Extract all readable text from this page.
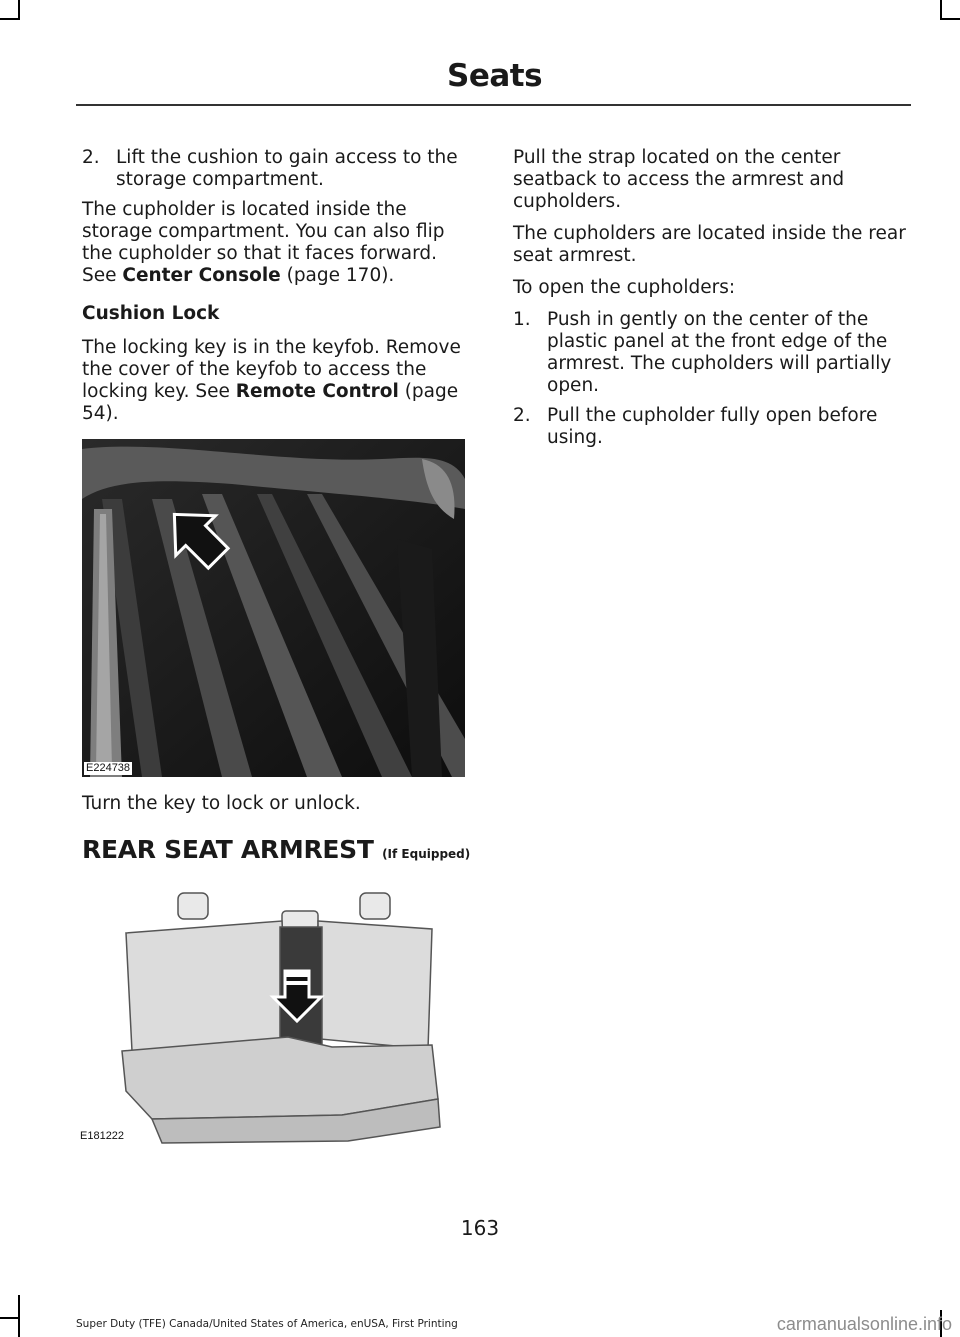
Seats
2. Lift the cushion to gain access to the storage compartment.

The cupholder is located inside the storage compartment. You can also flip the cupholder so that it faces forward. See Center Console (page 170).

Cushion Lock

The locking key is in the keyfob. Remove the cover of the keyfob to access the locking key. See Remote Control (page 54).

E224738

Turn the key to lock or unlock.

REAR SEAT ARMREST (If Equipped)
E181222

Pull the strap located on the center seatback to access the armrest and cupholders.

The cupholders are located inside the rear seat armrest.

To open the cupholders:

1. Push in gently on the center of the plastic panel at the front edge of the armrest. The cupholders will partially open.
2. Pull the cupholder fully open before using.
163
Super Duty (TFE) Canada/United States of America, enUSA, First Printing	carmanualsonline.info
